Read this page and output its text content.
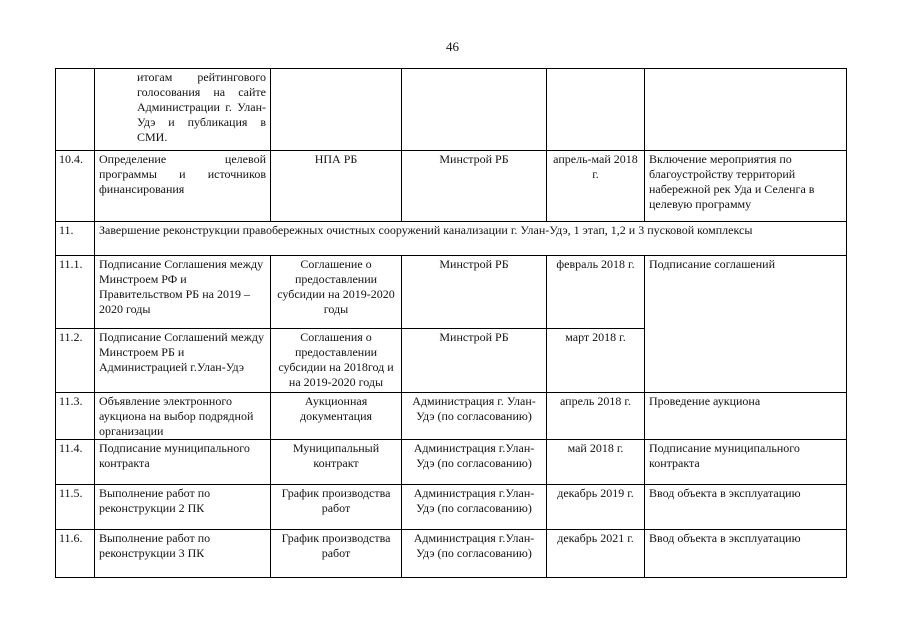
46
	итогам рейтингового голосования на сайте Администрации г. Улан-Удэ и публикация в СМИ.				
10.4.	Определение целевой программы и источников финансирования	НПА РБ	Минстрой РБ	апрель-май 2018 г.	Включение мероприятия по благоустройству территорий набережной рек Уда и Селенга в целевую программу
11.	Завершение реконструкции правобережных очистных сооружений канализации г. Улан-Удэ, 1 этап, 1,2 и 3 пусковой комплексы				
11.1.	Подписание Соглашения между Минстроем РФ и Правительством РБ на 2019 – 2020 годы	Соглашение о предоставлении субсидии на 2019-2020 годы	Минстрой РБ	февраль 2018 г.	Подписание соглашений
11.2.	Подписание Соглашений между Минстроем РБ и Администрацией г.Улан-Удэ	Соглашения о предоставлении субсидии на 2018год и на 2019-2020 годы	Минстрой РБ	март 2018 г.	
11.3.	Объявление электронного аукциона на выбор подрядной организации	Аукционная документация	Администрация г. Улан-Удэ (по согласованию)	апрель 2018 г.	Проведение аукциона
11.4.	Подписание муниципального контракта	Муниципальный контракт	Администрация г.Улан-Удэ (по согласованию)	май 2018 г.	Подписание муниципального контракта
11.5.	Выполнение работ по реконструкции 2 ПК	График производства работ	Администрация г.Улан-Удэ (по согласованию)	декабрь 2019 г.	Ввод объекта в эксплуатацию
11.6.	Выполнение работ по реконструкции 3 ПК	График производства работ	Администрация г.Улан-Удэ (по согласованию)	декабрь 2021 г.	Ввод объекта в эксплуатацию
